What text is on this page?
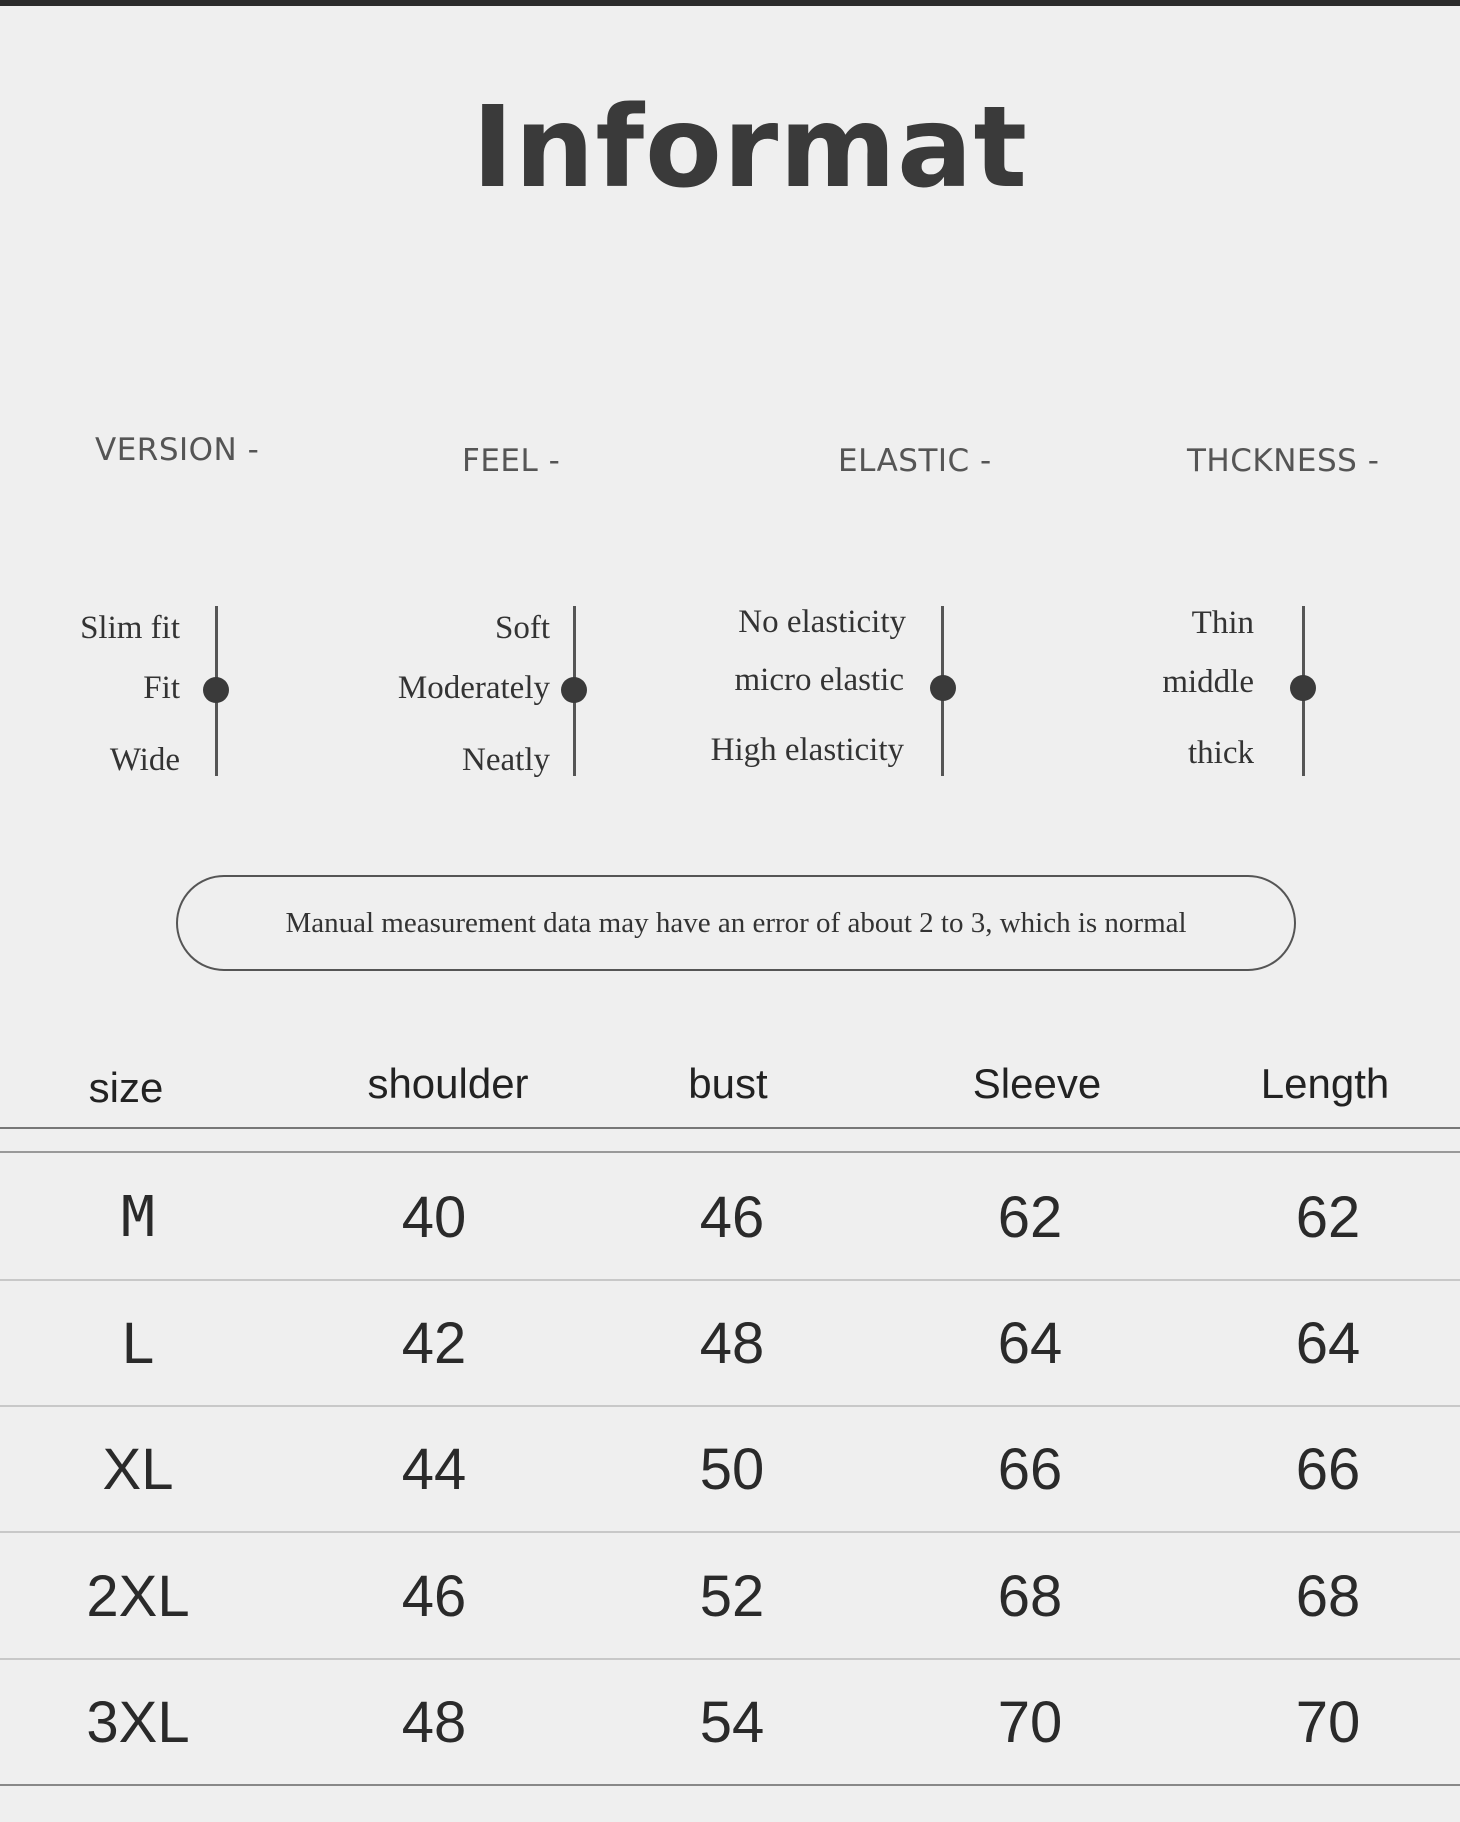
Informat
VERSION -
Slim fit
Fit
Wide
FEEL -
Soft
Moderately
Neatly
ELASTIC -
No elasticity
micro elastic
High elasticity
THCKNESS -
Thin
middle
thick
Manual measurement data may have an error of about 2 to 3, which is normal
size	shoulder	bust	Sleeve	Length
M	40	46	62	62
L	42	48	64	64
XL	44	50	66	66
2XL	46	52	68	68
3XL	48	54	70	70
